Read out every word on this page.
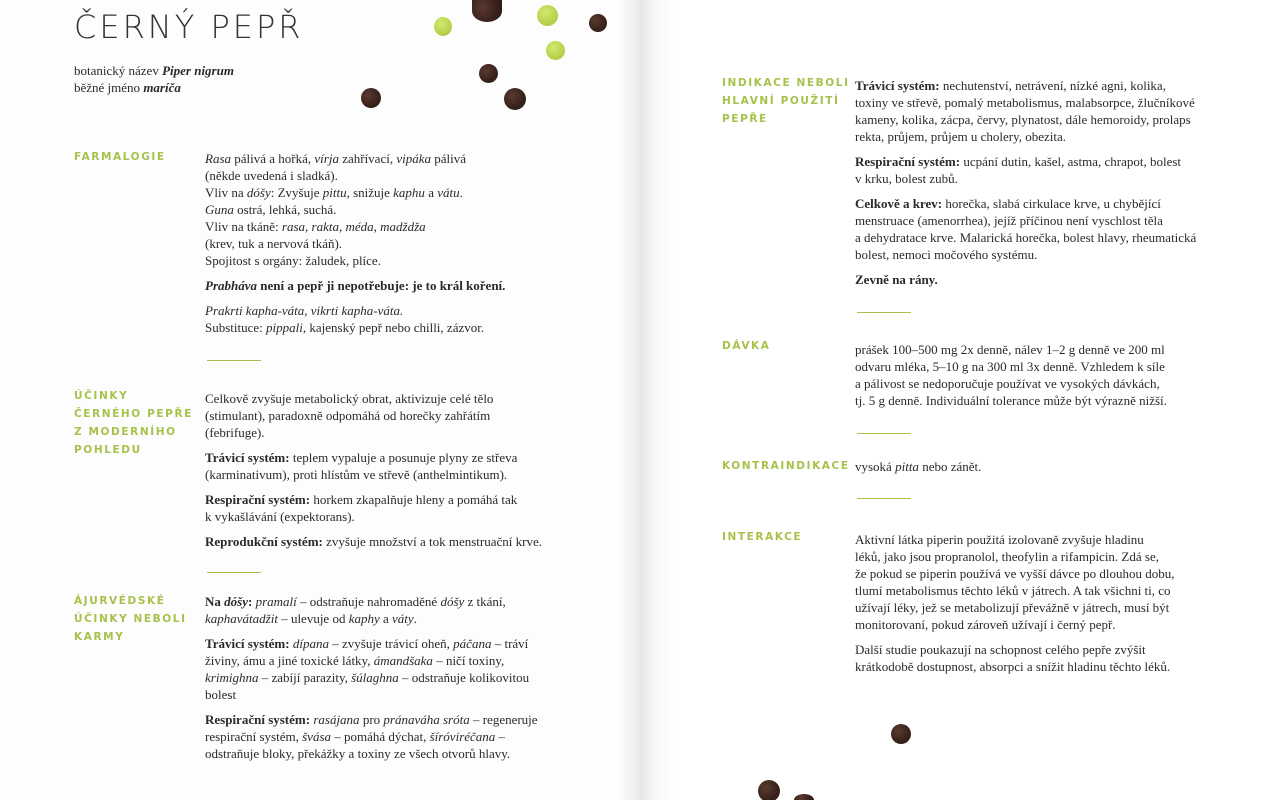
ČERNÝ PEPŘ
botanický název Piper nigrum
běžné jméno maríča
FARMALOGIE	Rasa pálivá a hořká, vírja zahřívací, vipáka pálivá
(někde uvedená i sladká).
Vliv na dóšy: Zvyšuje pittu, snižuje kaphu a vátu.
Guna ostrá, lehká, suchá.
Vliv na tkáně: rasa, rakta, méda, madždža
(krev, tuk a nervová tkáň).
Spojitost s orgány: žaludek, plíce.

Prabháva není a pepř ji nepotřebuje: je to král koření.

Prakrti kapha-váta, vikrti kapha-váta.
Substituce: pippali, kajenský pepř nebo chilli, zázvor.

ÚČINKY
ČERNÉHO PEPŘE
Z MODERNÍHO
POHLEDU

Celkově zvyšuje metabolický obrat, aktivizuje celé tělo
(stimulant), paradoxně odpomáhá od horečky zahřátím
(febrifuge).

Trávicí systém: teplem vypaluje a posunuje plyny ze střeva
(karminativum), proti hlístům ve střevě (anthelmintikum).

Respirační systém: horkem zkapalňuje hleny a pomáhá tak
k vykašlávání (expektorans).

Reprodukční systém: zvyšuje množství a tok menstruační krve.

ÁJURVÉDSKÉ
ÚČINKY NEBOLI
KARMY

Na dóšy: pramalí – odstraňuje nahromaděné dóšy z tkání,
kaphavátadžit – ulevuje od kaphy a váty.

Trávicí systém: dípana – zvyšuje trávicí oheň, páčana – tráví
živiny, ámu a jiné toxické látky, ámandšaka – ničí toxiny,
krimighna – zabíjí parazity, šúlaghna – odstraňuje kolikovitou
bolest

Respirační systém: rasájana pro pránaváha sróta – regeneruje
respirační systém, švása – pomáhá dýchat, šíróviréčana –
odstraňuje bloky, překážky a toxiny ze všech otvorů hlavy.

INDIKACE NEBOLI
HLAVNÍ POUŽITÍ
PEPŘE

Trávicí systém: nechutenství, netrávení, nízké agni, kolika,
toxiny ve střevě, pomalý metabolismus, malabsorpce, žlučníkové
kameny, kolika, zácpa, červy, plynatost, dále hemoroidy, prolaps
rekta, průjem, průjem u cholery, obezita.

Respirační systém: ucpání dutin, kašel, astma, chrapot, bolest
v krku, bolest zubů.

Celkově a krev: horečka, slabá cirkulace krve, u chybějící
menstruace (amenorrhea), jejíž příčinou není vyschlost těla
a dehydratace krve. Malarická horečka, bolest hlavy, rheumatická
bolest, nemoci močového systému.

Zevně na rány.

DÁVKA	prášek 100–500 mg 2x denně, nálev 1–2 g denně ve 200 ml
odvaru mléka, 5–10 g na 300 ml 3x denně. Vzhledem k síle
a pálivost se nedoporučuje používat ve vysokých dávkách,
tj. 5 g denně. Individuální tolerance může být výrazně nižší.

KONTRAINDIKACE vysoká pitta nebo zánět.

INTERAKCE	Aktivní látka piperin použitá izolovaně zvyšuje hladinu
léků, jako jsou propranolol, theofylin a rifampicin. Zdá se,
že pokud se piperin používá ve vyšší dávce po dlouhou dobu,
tlumí metabolismus těchto léků v játrech. A tak všichni ti, co
užívají léky, jež se metabolizují převážně v játrech, musí být
monitorovaní, pokud zároveň užívají i černý pepř.

Další studie poukazují na schopnost celého pepře zvýšit
krátkodobě dostupnost, absorpci a snížit hladinu těchto léků.
